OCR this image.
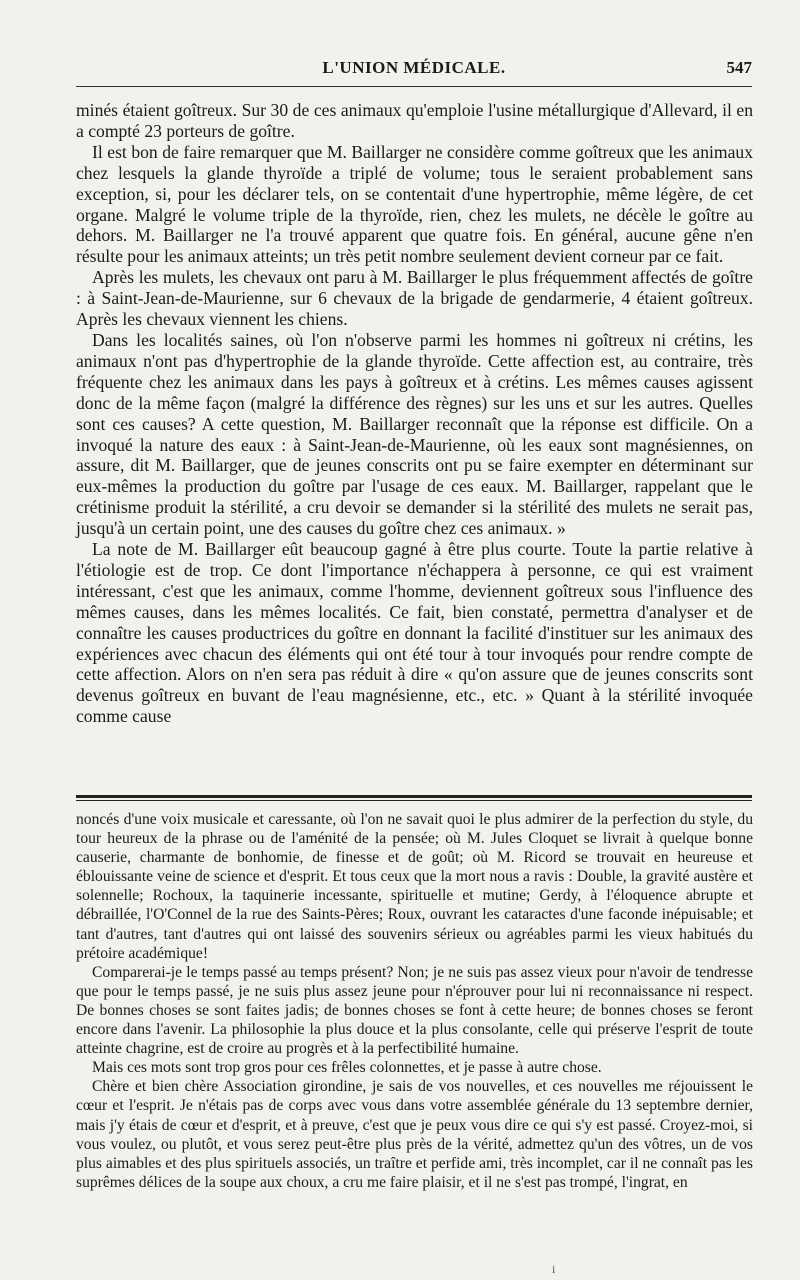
L'UNION MÉDICALE.	547

minés étaient goîtreux. Sur 30 de ces animaux qu'emploie l'usine métallurgique d'Allevard, il en a compté 23 porteurs de goître.

Il est bon de faire remarquer que M. Baillarger ne considère comme goîtreux que les animaux chez lesquels la glande thyroïde a triplé de volume; tous le seraient probablement sans exception, si, pour les déclarer tels, on se contentait d'une hypertrophie, même légère, de cet organe. Malgré le volume triple de la thyroïde, rien, chez les mulets, ne décèle le goître au dehors. M. Baillarger ne l'a trouvé apparent que quatre fois. En général, aucune gêne n'en résulte pour les animaux atteints; un très petit nombre seulement devient corneur par ce fait.

Après les mulets, les chevaux ont paru à M. Baillarger le plus fréquemment affectés de goître : à Saint-Jean-de-Maurienne, sur 6 chevaux de la brigade de gendarmerie, 4 étaient goîtreux. Après les chevaux viennent les chiens.

Dans les localités saines, où l'on n'observe parmi les hommes ni goîtreux ni crétins, les animaux n'ont pas d'hypertrophie de la glande thyroïde. Cette affection est, au contraire, très fréquente chez les animaux dans les pays à goîtreux et à crétins. Les mêmes causes agissent donc de la même façon (malgré la différence des règnes) sur les uns et sur les autres. Quelles sont ces causes? A cette question, M. Baillarger reconnaît que la réponse est difficile. On a invoqué la nature des eaux : à Saint-Jean-de-Maurienne, où les eaux sont magnésiennes, on assure, dit M. Baillarger, que de jeunes conscrits ont pu se faire exempter en déterminant sur eux-mêmes la production du goître par l'usage de ces eaux. M. Baillarger, rappelant que le crétinisme produit la stérilité, a cru devoir se demander si la stérilité des mulets ne serait pas, jusqu'à un certain point, une des causes du goître chez ces animaux. »

La note de M. Baillarger eût beaucoup gagné à être plus courte. Toute la partie relative à l'étiologie est de trop. Ce dont l'importance n'échappera à personne, ce qui est vraiment intéressant, c'est que les animaux, comme l'homme, deviennent goîtreux sous l'influence des mêmes causes, dans les mêmes localités. Ce fait, bien constaté, permettra d'analyser et de connaître les causes productrices du goître en donnant la facilité d'instituer sur les animaux des expériences avec chacun des éléments qui ont été tour à tour invoqués pour rendre compte de cette affection. Alors on n'en sera pas réduit à dire « qu'on assure que de jeunes conscrits sont devenus goîtreux en buvant de l'eau magnésienne, etc., etc. » Quant à la stérilité invoquée comme cause

noncés d'une voix musicale et caressante, où l'on ne savait quoi le plus admirer de la perfection du style, du tour heureux de la phrase ou de l'aménité de la pensée; où M. Jules Cloquet se livrait à quelque bonne causerie, charmante de bonhomie, de finesse et de goût; où M. Ricord se trouvait en heureuse et éblouissante veine de science et d'esprit. Et tous ceux que la mort nous a ravis : Double, la gravité austère et solennelle; Rochoux, la taquinerie incessante, spirituelle et mutine; Gerdy, à l'éloquence abrupte et débraillée, l'O'Connel de la rue des Saints-Pères; Roux, ouvrant les cataractes d'une faconde inépuisable; et tant d'autres, tant d'autres qui ont laissé des souvenirs sérieux ou agréables parmi les vieux habitués du prétoire académique!

Comparerai-je le temps passé au temps présent? Non; je ne suis pas assez vieux pour n'avoir de tendresse que pour le temps passé, je ne suis plus assez jeune pour n'éprouver pour lui ni reconnaissance ni respect. De bonnes choses se sont faites jadis; de bonnes choses se font à cette heure; de bonnes choses se feront encore dans l'avenir. La philosophie la plus douce et la plus consolante, celle qui préserve l'esprit de toute atteinte chagrine, est de croire au progrès et à la perfectibilité humaine.

Mais ces mots sont trop gros pour ces frêles colonnettes, et je passe à autre chose.

Chère et bien chère Association girondine, je sais de vos nouvelles, et ces nouvelles me réjouissent le cœur et l'esprit. Je n'étais pas de corps avec vous dans votre assemblée générale du 13 septembre dernier, mais j'y étais de cœur et d'esprit, et à preuve, c'est que je peux vous dire ce qui s'y est passé. Croyez-moi, si vous voulez, ou plutôt, et vous serez peut-être plus près de la vérité, admettez qu'un des vôtres, un de vos plus aimables et des plus spirituels associés, un traître et perfide ami, très incomplet, car il ne connaît pas les suprêmes délices de la soupe aux choux, a cru me faire plaisir, et il ne s'est pas trompé, l'ingrat, en

i
